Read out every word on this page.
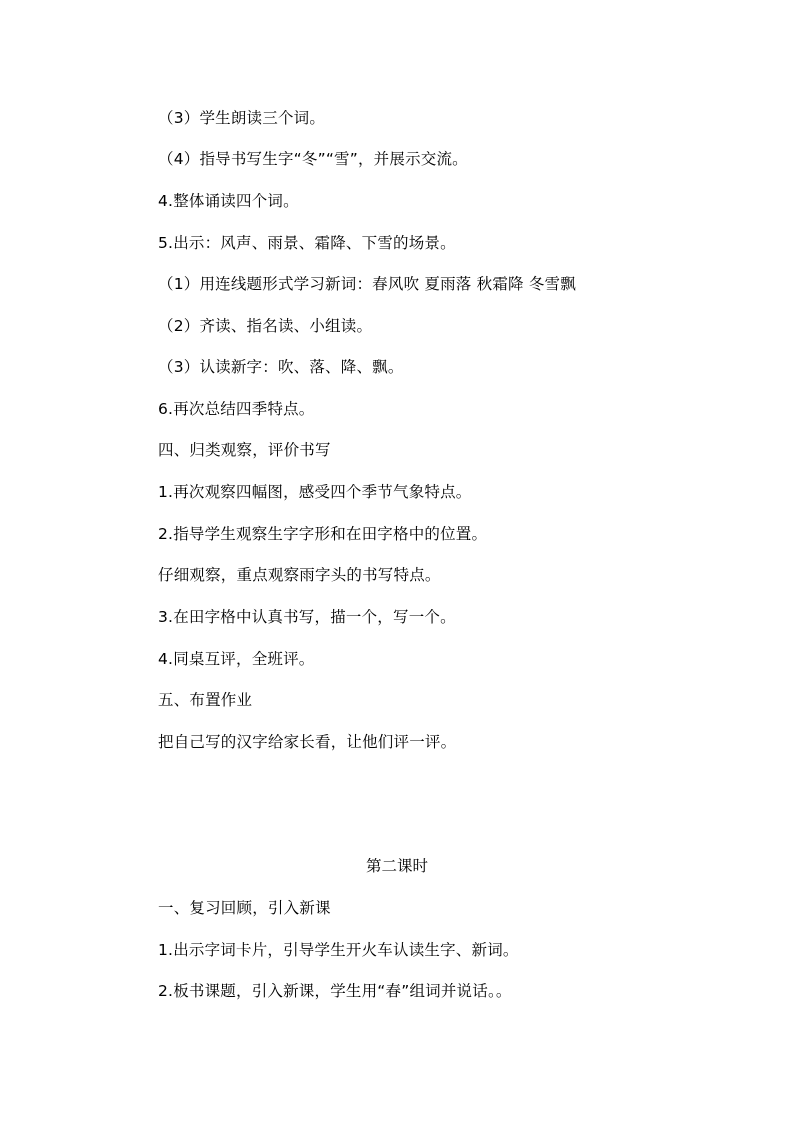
（3）学生朗读三个词。
（4）指导书写生字“冬”“雪”，并展示交流。
4.整体诵读四个词。
5.出示：风声、雨景、霜降、下雪的场景。
（1）用连线题形式学习新词：春风吹 夏雨落 秋霜降 冬雪飘
（2）齐读、指名读、小组读。
（3）认读新字：吹、落、降、飘。
6.再次总结四季特点。
四、归类观察，评价书写
1.再次观察四幅图，感受四个季节气象特点。
2.指导学生观察生字字形和在田字格中的位置。
仔细观察，重点观察雨字头的书写特点。
3.在田字格中认真书写，描一个，写一个。
4.同桌互评，全班评。
五、布置作业
把自己写的汉字给家长看，让他们评一评。
第二课时
一、复习回顾，引入新课
1.出示字词卡片，引导学生开火车认读生字、新词。
2.板书课题，引入新课，学生用“春”组词并说话。。
